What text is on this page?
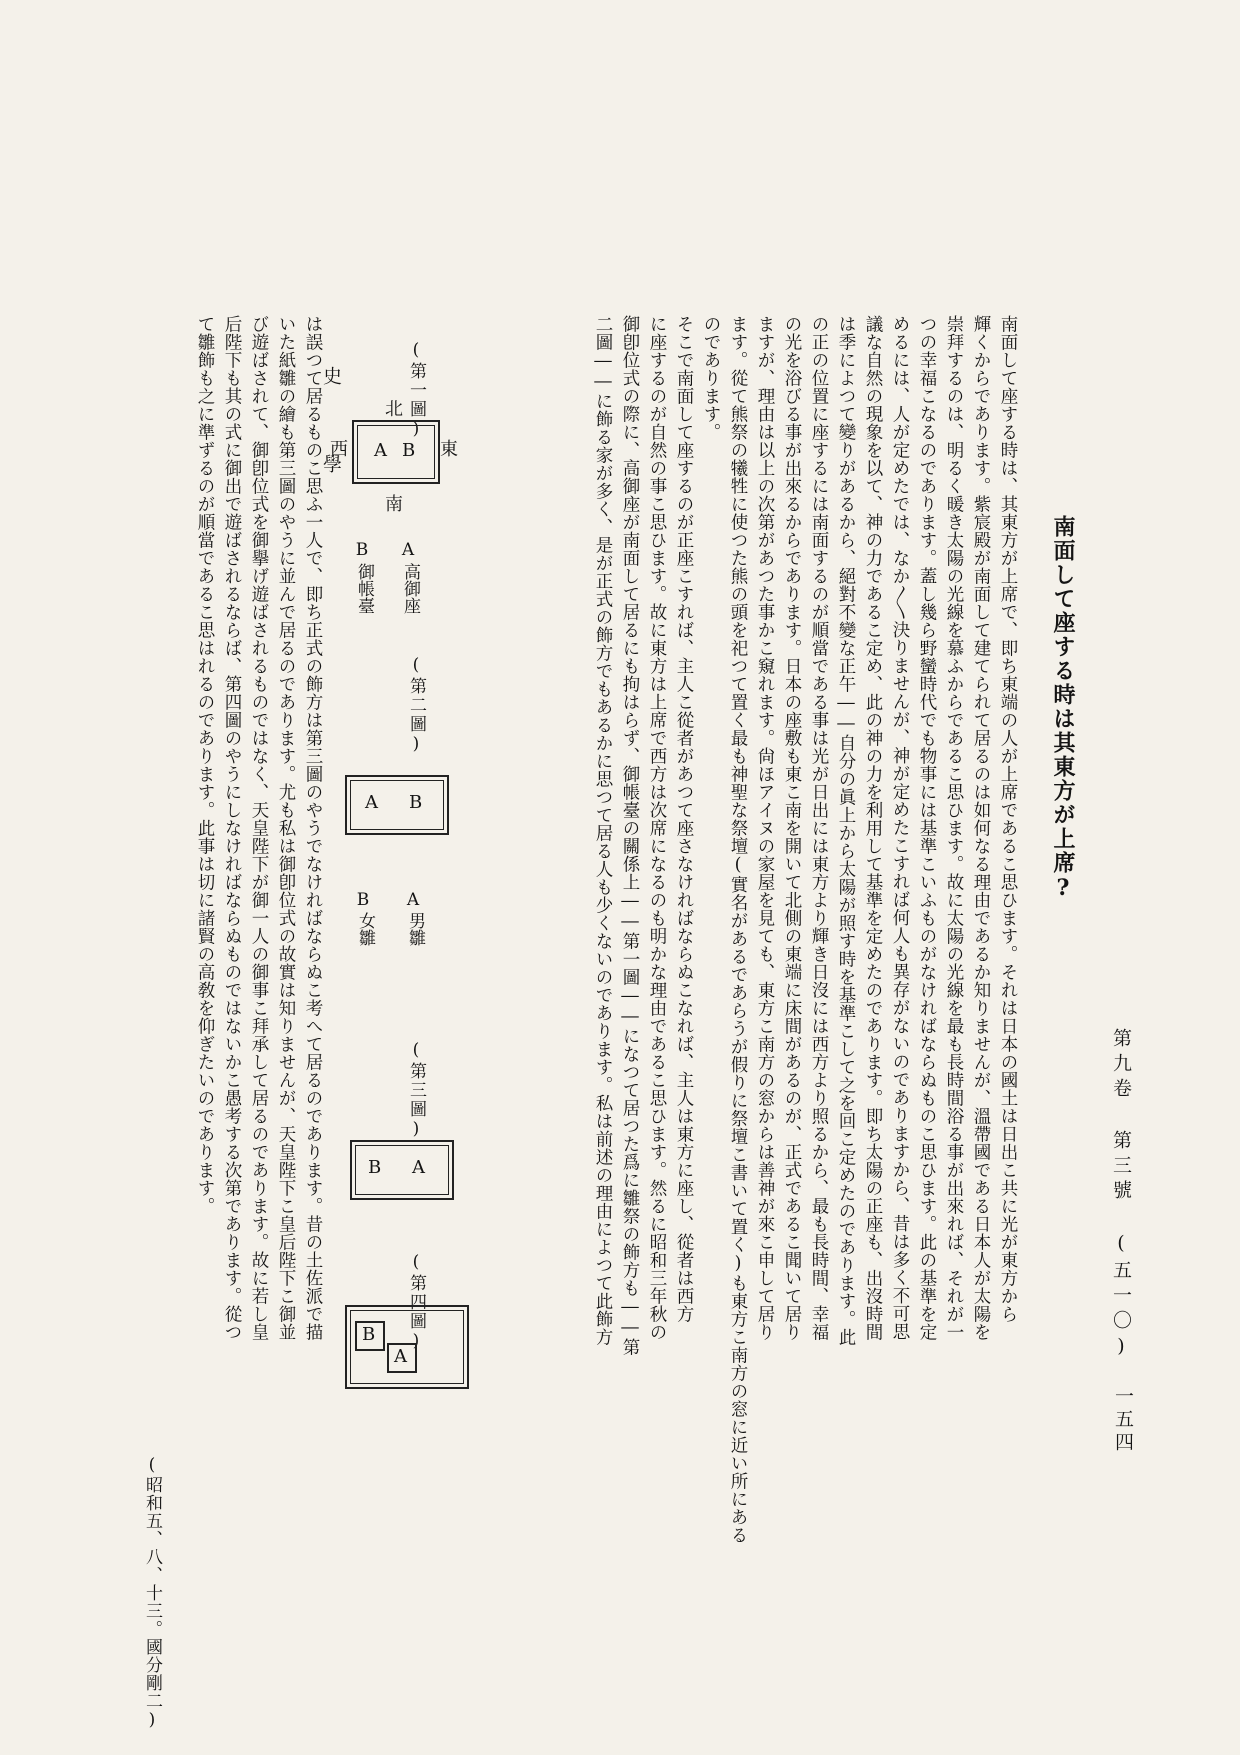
史
學
第九卷
第三號
(五一〇)
一五四
南面して座する時は其東方が上席?
南面して座する時は、其東方が上席で、即ち東端の人が上席であるこ思ひます。それは日本の國土は日出こ共に光が東方から
輝くからであります。紫宸殿が南面して建てられて居るのは如何なる理由であるか知りませんが、溫帶國である日本人が太陽を
崇拜するのは、明るく暖き太陽の光線を慕ふからであるこ思ひます。故に太陽の光線を最も長時間浴る事が出來れば、それが一
つの幸福こなるのであります。蓋し幾ら野蠻時代でも物事には基準こいふものがなければならぬものこ思ひます。此の基準を定
めるには、人が定めたでは、なか〱決りませんが、神が定めたこすれば何人も異存がないのでありますから、昔は多く不可思
議な自然の現象を以て、神の力であるこ定め、此の神の力を利用して基準を定めたのであります。即ち太陽の正座も、出沒時間
は季によつて變りがあるから、絕對不變な正午――自分の眞上から太陽が照す時を基準こして之を回こ定めたのであります。此
の正の位置に座するには南面するのが順當である事は光が日出には東方より輝き日沒には西方より照るから、最も長時間、幸福
の光を浴びる事が出來るからであります。日本の座敷も東こ南を開いて北側の東端に床間があるのが、正式であるこ聞いて居り
ますが、理由は以上の次第があつた事かこ窺れます。尙ほアイヌの家屋を見ても、東方こ南方の窓からは善神が來こ申して居り
ます。從て熊祭の犧牲に使つた熊の頭を祀つて置く最も神聖な祭壇(實名があるであらうが假りに祭壇こ書いて置く)も東方こ南方の窓に近い所にある
のであります。
そこで南面して座するのが正座こすれば、主人こ從者があつて座さなければならぬこなれば、主人は東方に座し、從者は西方
に座するのが自然の事こ思ひます。故に東方は上席で西方は次席になるのも明かな理由であるこ思ひます。然るに昭和三年秋の
御卽位式の際に、高御座が南面して居るにも拘はらず、御帳臺の關係上――第一圖――になつて居つた爲に雛祭の飾方も――第
二圖――に飾る家が多く、是が正式の飾方でもあるかに思つて居る人も少くないのであります。私は前述の理由によつて此飾方
(第一圖)
北
南
東
西 A B
A
高御座
B
御帳臺
(第二圖)
A B
A
男雛
B
女雛
(第三圖)
B A
(第四圖)
B
A
は誤つて居るものこ思ふ一人で、即ち正式の飾方は第三圖のやうでなければならぬこ考へて居るのであります。昔の土佐派で描
いた紙雛の繪も第三圖のやうに並んで居るのであります。尤も私は御卽位式の故實は知りませんが、天皇陛下こ皇后陛下こ御並
び遊ばされて、御卽位式を御擧げ遊ばされるものではなく、天皇陛下が御一人の御事こ拜承して居るのであります。故に若し皇
后陛下も其の式に御出で遊ばされるならば、第四圖のやうにしなければならぬものではないかこ愚考する次第であります。從つ
て雛飾も之に準ずるのが順當であるこ思はれるのであります。此事は切に諸賢の高敎を仰ぎたいのであります。
(昭和五、八、十三。國分剛二)
